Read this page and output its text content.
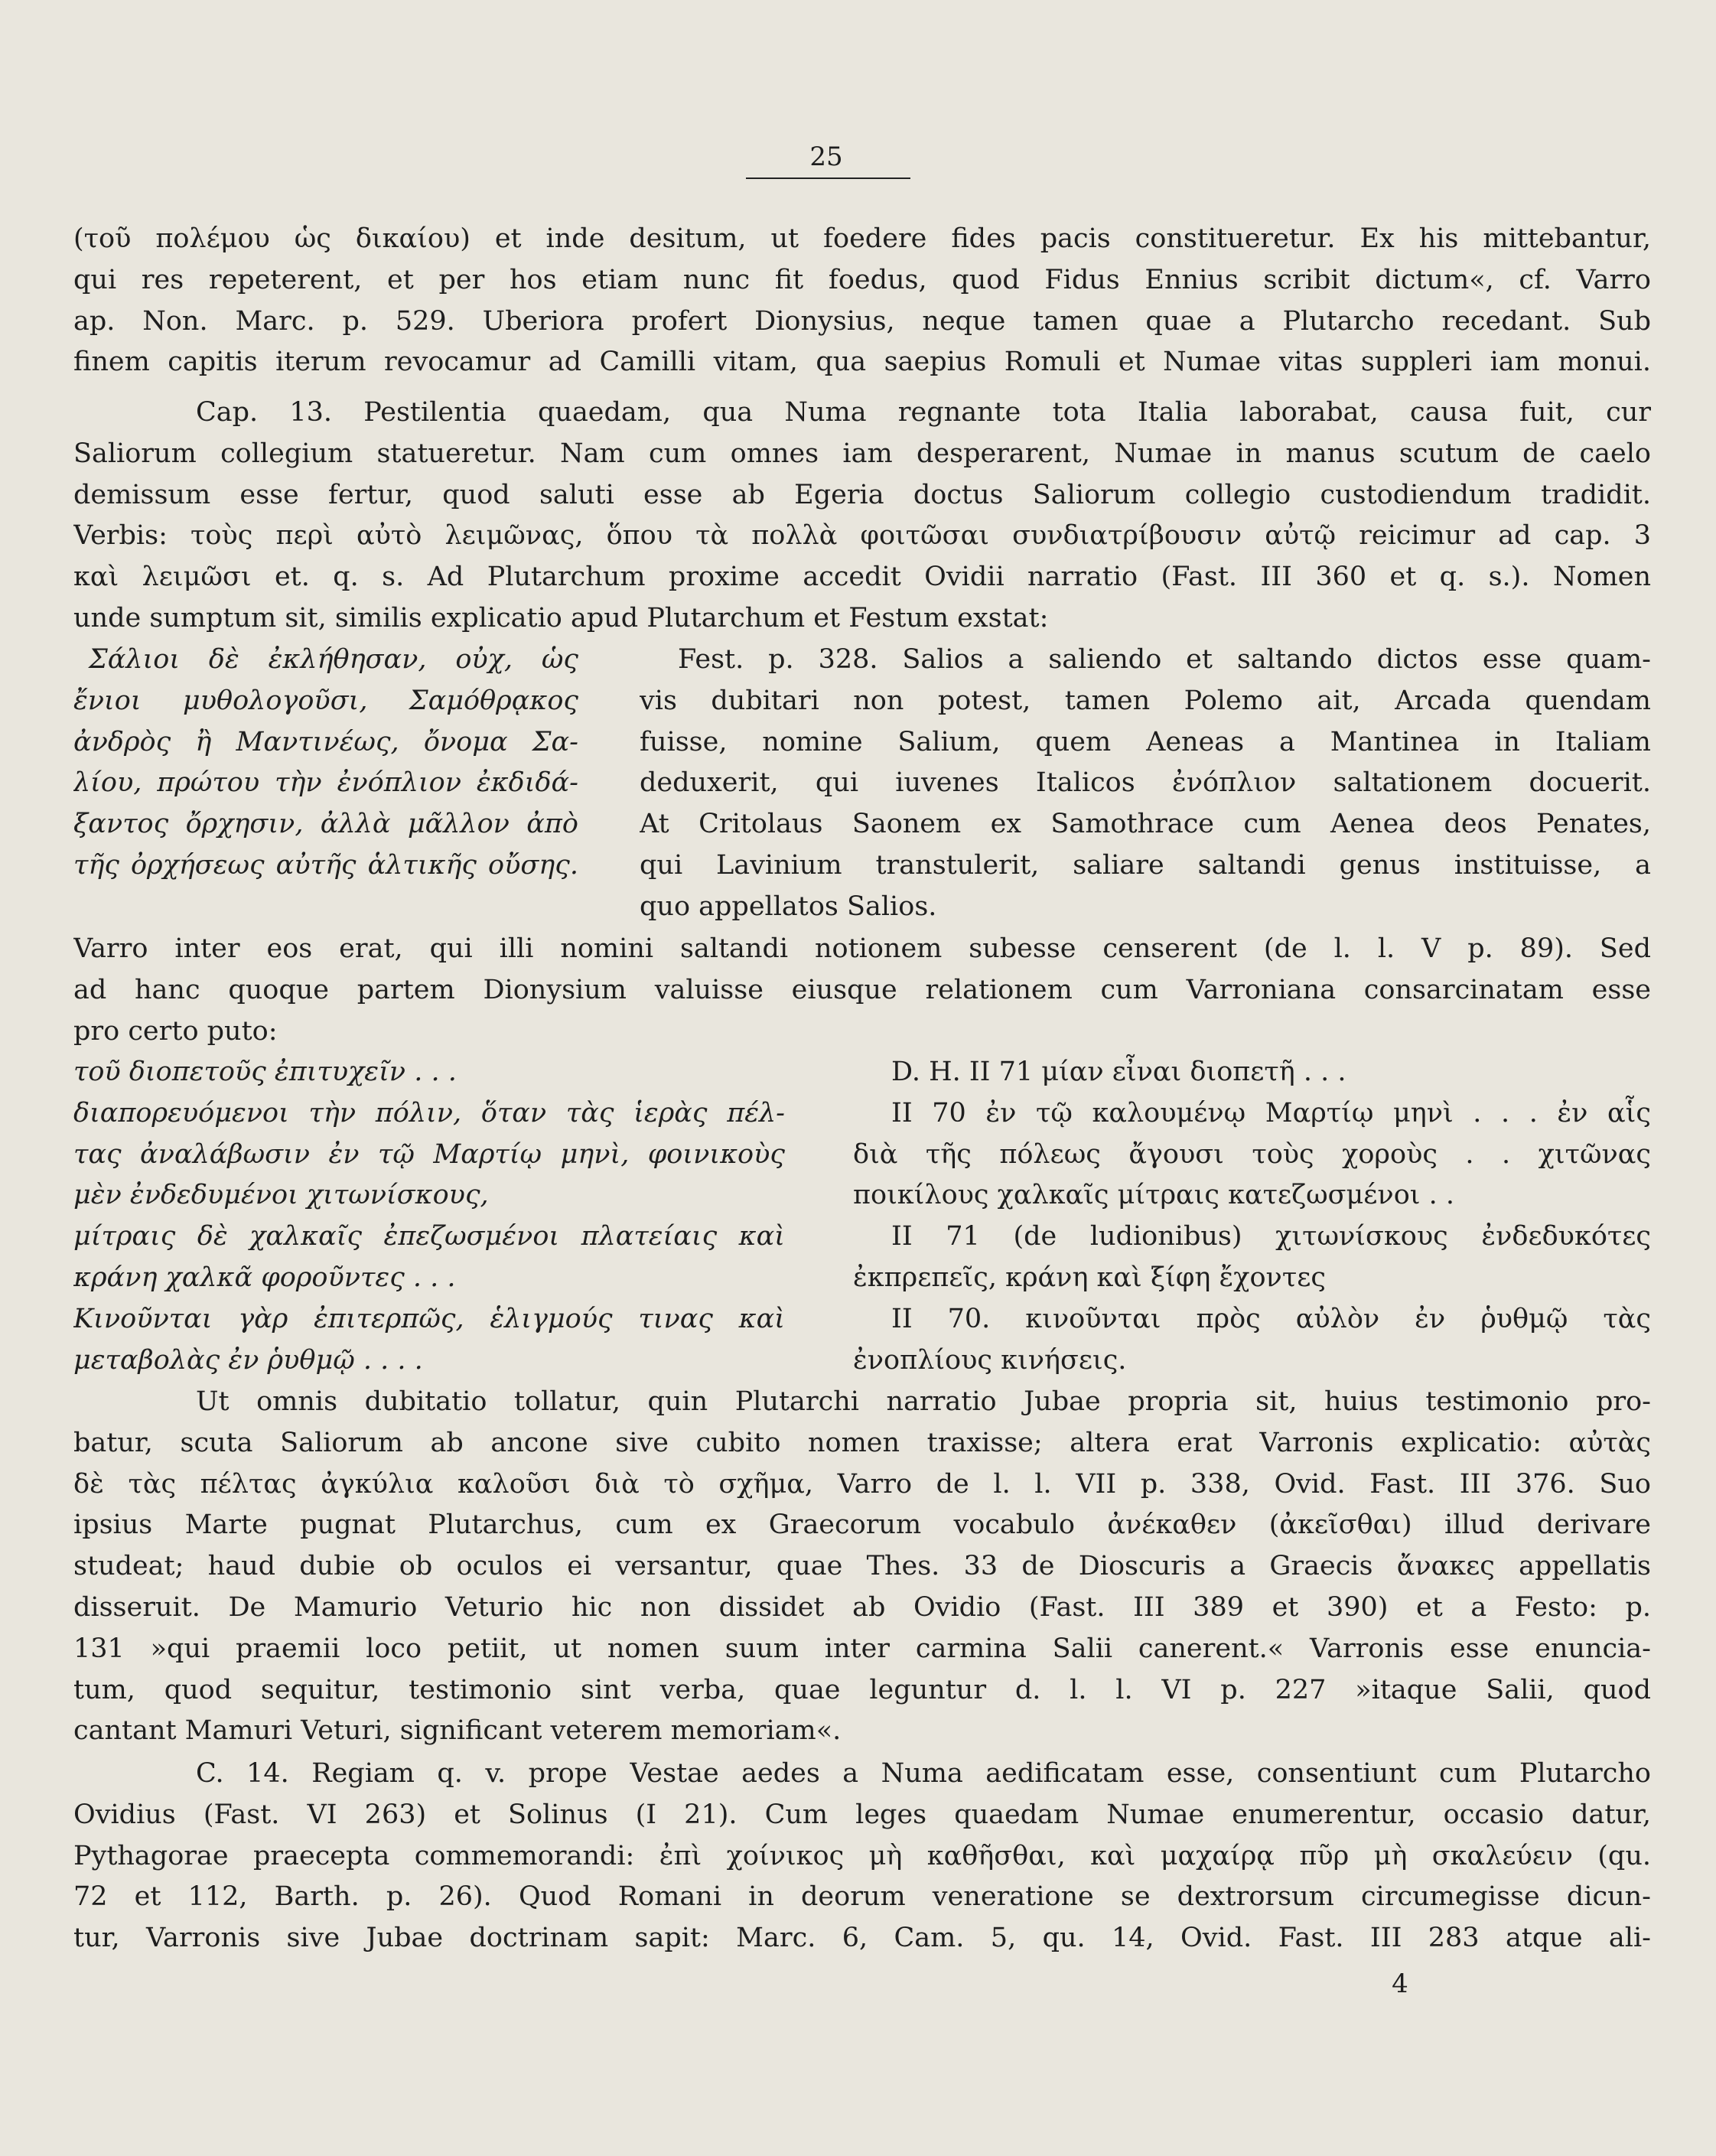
25
(τοῦ πολέμου ὡς δικαίου) et inde desitum, ut foedere fides pacis constitueretur. Ex his mittebantur,
qui res repeterent, et per hos etiam nunc fit foedus, quod Fidus Ennius scribit dictum«, cf. Varro
ap. Non. Marc. p. 529. Uberiora profert Dionysius, neque tamen quae a Plutarcho recedant. Sub
finem capitis iterum revocamur ad Camilli vitam, qua saepius Romuli et Numae vitas suppleri iam monui.
Cap. 13. Pestilentia quaedam, qua Numa regnante tota Italia laborabat, causa fuit, cur
Saliorum collegium statueretur. Nam cum omnes iam desperarent, Numae in manus scutum de caelo
demissum esse fertur, quod saluti esse ab Egeria doctus Saliorum collegio custodiendum tradidit.
Verbis: τοὺς περὶ αὐτὸ λειμῶνας, ὅπου τὰ πολλὰ φοιτῶσαι συνδιατρίβουσιν αὐτῷ reicimur ad cap. 3
καὶ λειμῶσι et. q. s. Ad Plutarchum proxime accedit Ovidii narratio (Fast. III 360 et q. s.). Nomen
unde sumptum sit, similis explicatio apud Plutarchum et Festum exstat:
Σάλιοι δὲ ἐκλήθησαν, οὐχ, ὡς
ἔνιοι μυθολογοῦσι, Σαμόθρᾳκος
ἀνδρὸς ἢ Μαντινέως, ὄνομα Σα-
λίου, πρώτου τὴν ἐνόπλιον ἐκδιδά-
ξαντος ὄρχησιν, ἀλλὰ μᾶλλον ἀπὸ
τῆς ὀρχήσεως αὐτῆς ἁλτικῆς οὔσης.
Fest. p. 328. Salios a saliendo et saltando dictos esse quam-
vis dubitari non potest, tamen Polemo ait, Arcada quendam
fuisse, nomine Salium, quem Aeneas a Mantinea in Italiam
deduxerit, qui iuvenes Italicos ἐνόπλιον saltationem docuerit.
At Critolaus Saonem ex Samothrace cum Aenea deos Penates,
qui Lavinium transtulerit, saliare saltandi genus instituisse, a
quo appellatos Salios.
Varro inter eos erat, qui illi nomini saltandi notionem subesse censerent (de l. l. V p. 89). Sed
ad hanc quoque partem Dionysium valuisse eiusque relationem cum Varroniana consarcinatam esse
pro certo puto:
τοῦ διοπετοῦς ἐπιτυχεῖν . . .
διαπορευόμενοι τὴν πόλιν, ὅταν τὰς ἱερὰς πέλ-
τας ἀναλάβωσιν ἐν τῷ Μαρτίῳ μηνὶ, φοινικοὺς
μὲν ἐνδεδυμένοι χιτωνίσκους,
μίτραις δὲ χαλκαῖς ἐπεζωσμένοι πλατείαις καὶ
κράνη χαλκᾶ φοροῦντες . . .
Κινοῦνται γὰρ ἐπιτερπῶς, ἑλιγμούς τινας καὶ
μεταβολὰς ἐν ῥυθμῷ . . . .
D. H. II 71 μίαν εἶναι διοπετῆ . . .
II 70 ἐν τῷ καλουμένῳ Μαρτίῳ μηνὶ . . . ἐν αἷς
διὰ τῆς πόλεως ἄγουσι τοὺς χοροὺς . . χιτῶνας
ποικίλους χαλκαῖς μίτραις κατεζωσμένοι . .
II 71 (de ludionibus) χιτωνίσκους ἐνδεδυκότες
ἐκπρεπεῖς, κράνη καὶ ξίφη ἔχοντες
II 70. κινοῦνται πρὸς αὐλὸν ἐν ῥυθμῷ τὰς
ἐνοπλίους κινήσεις.
Ut omnis dubitatio tollatur, quin Plutarchi narratio Jubae propria sit, huius testimonio pro-
batur, scuta Saliorum ab ancone sive cubito nomen traxisse; altera erat Varronis explicatio: αὐτὰς
δὲ τὰς πέλτας ἀγκύλια καλοῦσι διὰ τὸ σχῆμα, Varro de l. l. VII p. 338, Ovid. Fast. III 376. Suo
ipsius Marte pugnat Plutarchus, cum ex Graecorum vocabulo ἀνέκαθεν (ἀκεῖσθαι) illud derivare
studeat; haud dubie ob oculos ei versantur, quae Thes. 33 de Dioscuris a Graecis ἄνακες appellatis
disseruit. De Mamurio Veturio hic non dissidet ab Ovidio (Fast. III 389 et 390) et a Festo: p.
131 »qui praemii loco petiit, ut nomen suum inter carmina Salii canerent.« Varronis esse enuncia-
tum, quod sequitur, testimonio sint verba, quae leguntur d. l. l. VI p. 227 »itaque Salii, quod
cantant Mamuri Veturi, significant veterem memoriam«.
C. 14. Regiam q. v. prope Vestae aedes a Numa aedificatam esse, consentiunt cum Plutarcho
Ovidius (Fast. VI 263) et Solinus (I 21). Cum leges quaedam Numae enumerentur, occasio datur,
Pythagorae praecepta commemorandi: ἐπὶ χοίνικος μὴ καθῆσθαι, καὶ μαχαίρᾳ πῦρ μὴ σκαλεύειν (qu.
72 et 112, Barth. p. 26). Quod Romani in deorum veneratione se dextrorsum circumegisse dicun-
tur, Varronis sive Jubae doctrinam sapit: Marc. 6, Cam. 5, qu. 14, Ovid. Fast. III 283 atque ali-
4
